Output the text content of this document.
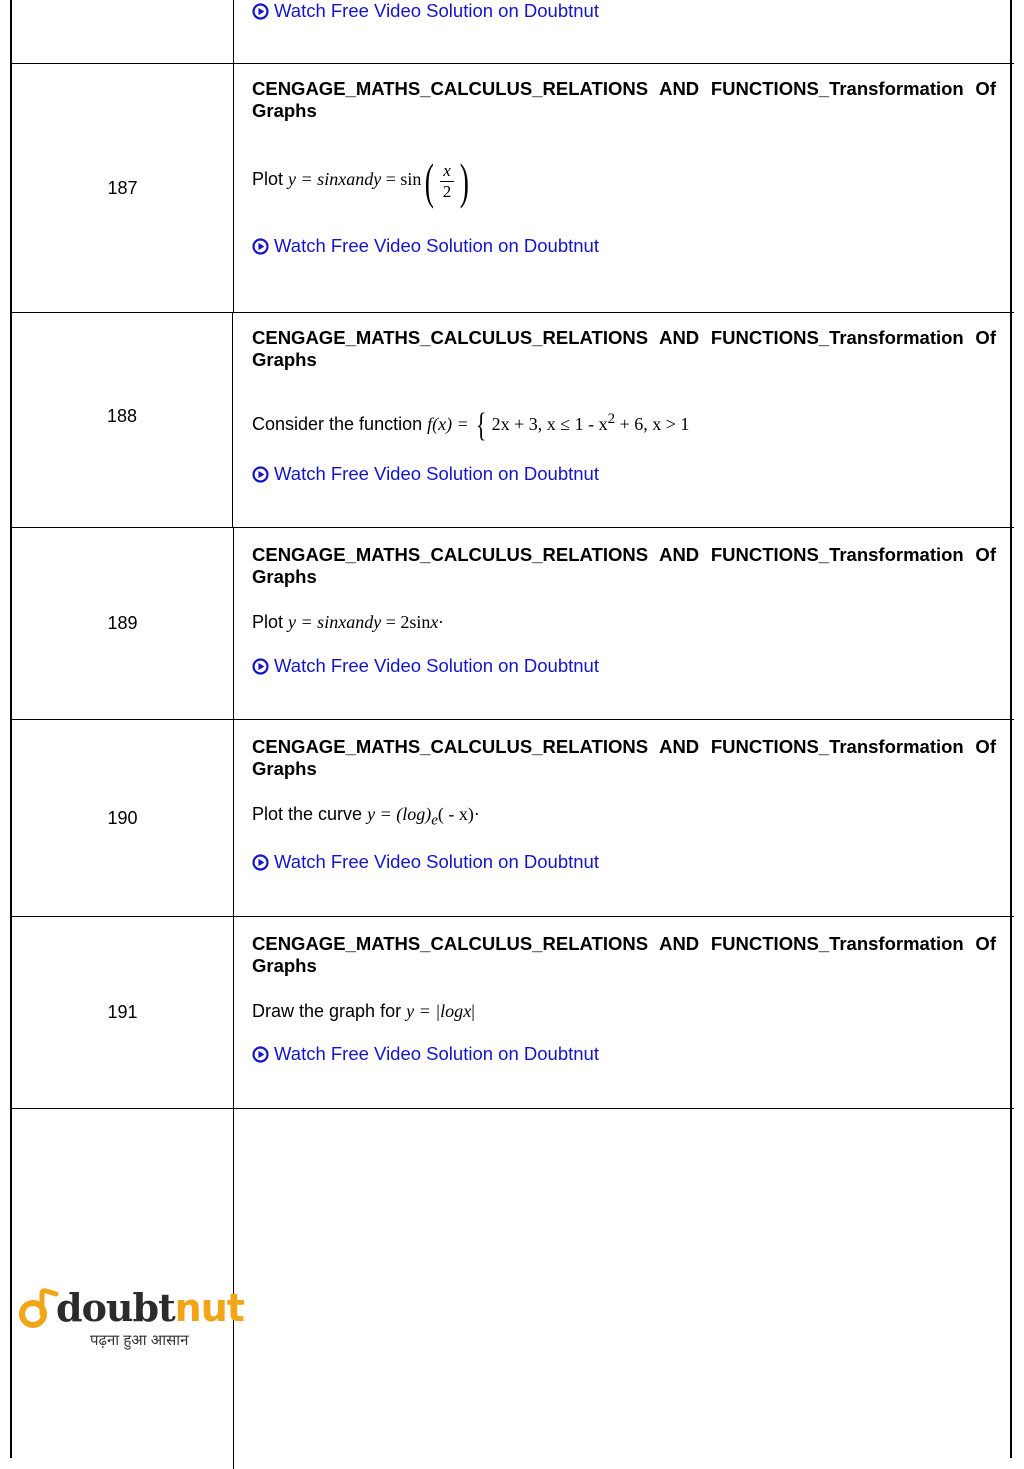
Watch Free Video Solution on Doubtnut
187
CENGAGE_MATHS_CALCULUS_RELATIONS AND FUNCTIONS_Transformation Of Graphs
Plot y = sinxandy = $\sin( \frac{x}{2}$ )
Watch Free Video Solution on Doubtnut
188
CENGAGE_MATHS_CALCULUS_RELATIONS AND FUNCTIONS_Transformation Of Graphs
Consider the function f(x) = { 2x + 3, $x \le 1 - x^2 + 6$, x > 1
Watch Free Video Solution on Doubtnut
189
CENGAGE_MATHS_CALCULUS_RELATIONS AND FUNCTIONS_Transformation Of Graphs
Plot y = sinxandy = 2sinx·
Watch Free Video Solution on Doubtnut
190
CENGAGE_MATHS_CALCULUS_RELATIONS AND FUNCTIONS_Transformation Of Graphs
Plot the curve $y = (\log)_e( - x)\cdot$
Watch Free Video Solution on Doubtnut
191
CENGAGE_MATHS_CALCULUS_RELATIONS AND FUNCTIONS_Transformation Of Graphs
Draw the graph for y = |logx|
Watch Free Video Solution on Doubtnut
doubtnut
पढ़ना हुआ आसान
